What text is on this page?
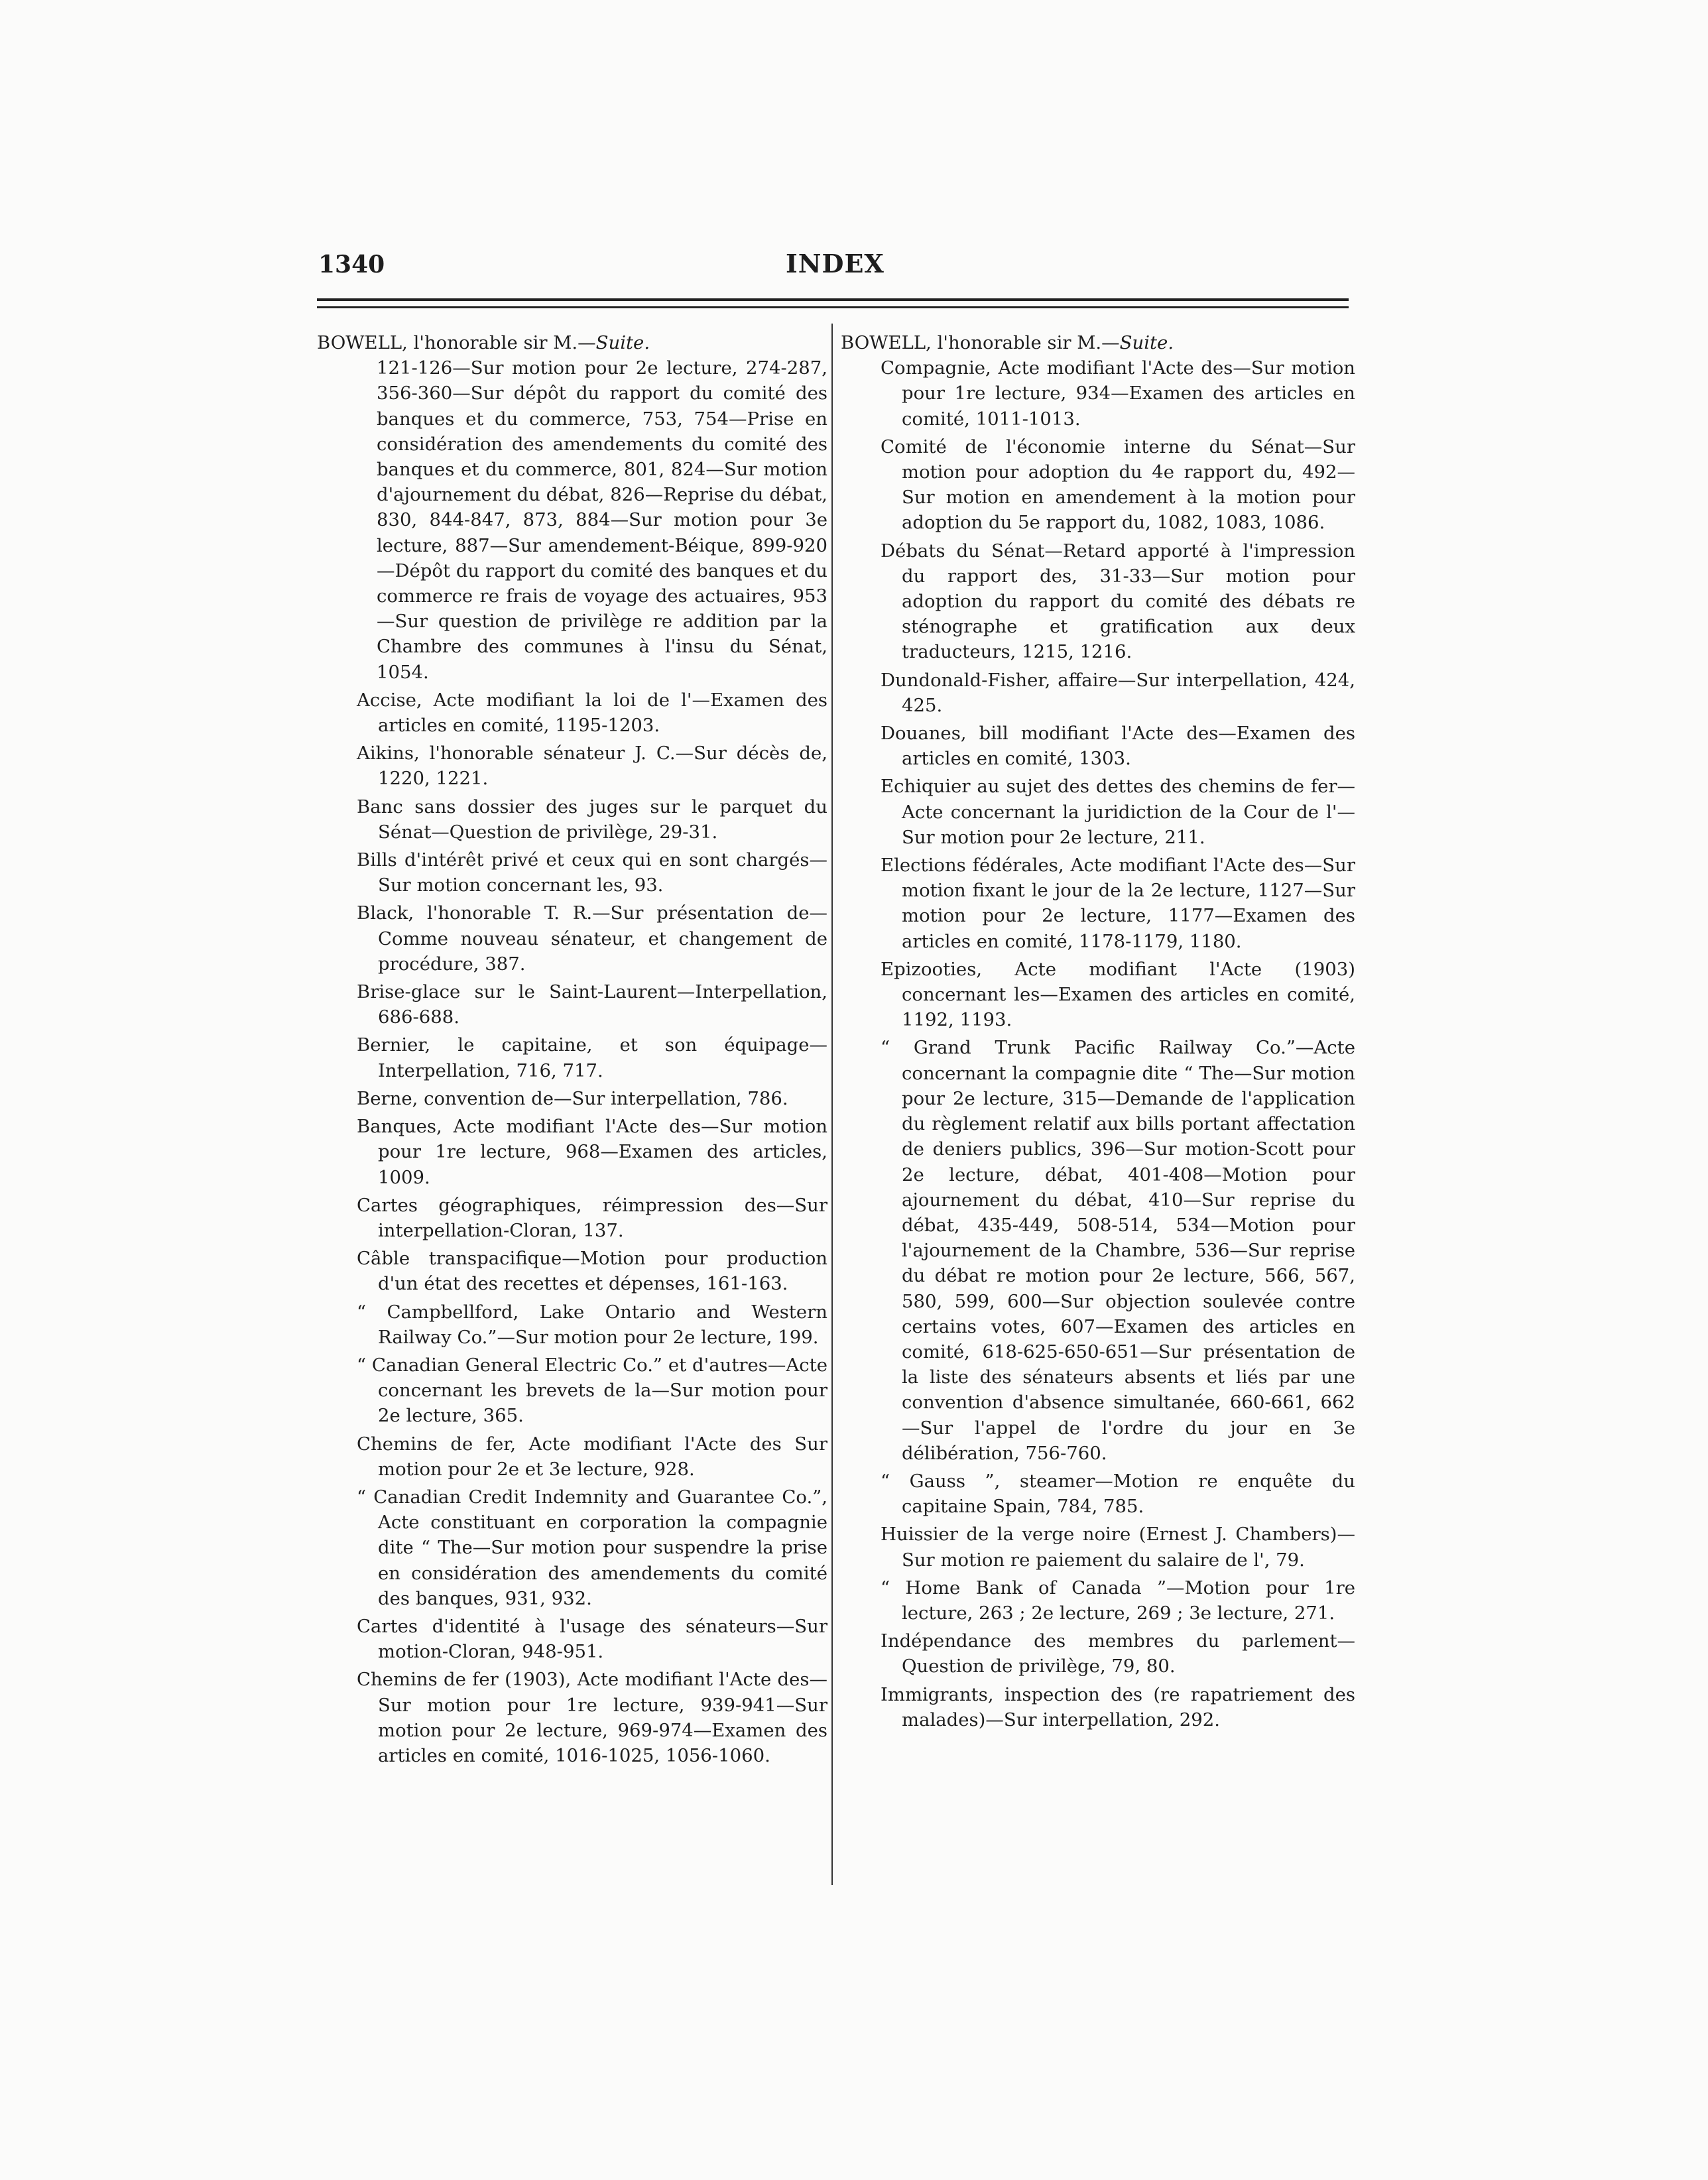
1340	INDEX

BOWELL, l'honorable sir M.—Suite.

121-126—Sur motion pour 2e lecture, 274-287, 356-360—Sur dépôt du rapport du comité des banques et du commerce, 753, 754—Prise en considération des amendements du comité des banques et du commerce, 801, 824—Sur motion d'ajournement du débat, 826—Reprise du débat, 830, 844-847, 873, 884—Sur motion pour 3e lecture, 887—Sur amendement-Béique, 899-920—Dépôt du rapport du comité des banques et du commerce re frais de voyage des actuaires, 953—Sur question de privilège re addition par la Chambre des communes à l'insu du Sénat, 1054.

Accise, Acte modifiant la loi de l'—Examen des articles en comité, 1195-1203.

Aikins, l'honorable sénateur J. C.—Sur décès de, 1220, 1221.

Banc sans dossier des juges sur le parquet du Sénat—Question de privilège, 29-31.

Bills d'intérêt privé et ceux qui en sont chargés—Sur motion concernant les, 93.

Black, l'honorable T. R.—Sur présentation de—Comme nouveau sénateur, et changement de procédure, 387.

Brise-glace sur le Saint-Laurent—Interpellation, 686-688.

Bernier, le capitaine, et son équipage—Interpellation, 716, 717.

Berne, convention de—Sur interpellation, 786.

Banques, Acte modifiant l'Acte des—Sur motion pour 1re lecture, 968—Examen des articles, 1009.

Cartes géographiques, réimpression des—Sur interpellation-Cloran, 137.

Câble transpacifique—Motion pour production d'un état des recettes et dépenses, 161-163.

“ Campbellford, Lake Ontario and Western Railway Co.”—Sur motion pour 2e lecture, 199.

“ Canadian General Electric Co.” et d'autres—Acte concernant les brevets de la—Sur motion pour 2e lecture, 365.

Chemins de fer, Acte modifiant l'Acte des Sur motion pour 2e et 3e lecture, 928.

“ Canadian Credit Indemnity and Guarantee Co.”, Acte constituant en corporation la compagnie dite “ The—Sur motion pour suspendre la prise en considération des amendements du comité des banques, 931, 932.

Cartes d'identité à l'usage des sénateurs—Sur motion-Cloran, 948-951.

Chemins de fer (1903), Acte modifiant l'Acte des—Sur motion pour 1re lecture, 939-941—Sur motion pour 2e lecture, 969-974—Examen des articles en comité, 1016-1025, 1056-1060.

BOWELL, l'honorable sir M.—Suite.

Compagnie, Acte modifiant l'Acte des—Sur motion pour 1re lecture, 934—Examen des articles en comité, 1011-1013.

Comité de l'économie interne du Sénat—Sur motion pour adoption du 4e rapport du, 492—Sur motion en amendement à la motion pour adoption du 5e rapport du, 1082, 1083, 1086.

Débats du Sénat—Retard apporté à l'impression du rapport des, 31-33—Sur motion pour adoption du rapport du comité des débats re sténographe et gratification aux deux traducteurs, 1215, 1216.

Dundonald-Fisher, affaire—Sur interpellation, 424, 425.

Douanes, bill modifiant l'Acte des—Examen des articles en comité, 1303.

Echiquier au sujet des dettes des chemins de fer—Acte concernant la juridiction de la Cour de l'—Sur motion pour 2e lecture, 211.

Elections fédérales, Acte modifiant l'Acte des—Sur motion fixant le jour de la 2e lecture, 1127—Sur motion pour 2e lecture, 1177—Examen des articles en comité, 1178-1179, 1180.

Epizooties, Acte modifiant l'Acte (1903) concernant les—Examen des articles en comité, 1192, 1193.

“ Grand Trunk Pacific Railway Co.”—Acte concernant la compagnie dite “ The—Sur motion pour 2e lecture, 315—Demande de l'application du règlement relatif aux bills portant affectation de deniers publics, 396—Sur motion-Scott pour 2e lecture, débat, 401-408—Motion pour ajournement du débat, 410—Sur reprise du débat, 435-449, 508-514, 534—Motion pour l'ajournement de la Chambre, 536—Sur reprise du débat re motion pour 2e lecture, 566, 567, 580, 599, 600—Sur objection soulevée contre certains votes, 607—Examen des articles en comité, 618-625-650-651—Sur présentation de la liste des sénateurs absents et liés par une convention d'absence simultanée, 660-661, 662—Sur l'appel de l'ordre du jour en 3e délibération, 756-760.

“ Gauss ”, steamer—Motion re enquête du capitaine Spain, 784, 785.

Huissier de la verge noire (Ernest J. Chambers)—Sur motion re paiement du salaire de l', 79.

“ Home Bank of Canada ”—Motion pour 1re lecture, 263 ; 2e lecture, 269 ; 3e lecture, 271.

Indépendance des membres du parlement—Question de privilège, 79, 80.

Immigrants, inspection des (re rapatriement des malades)—Sur interpellation, 292.
